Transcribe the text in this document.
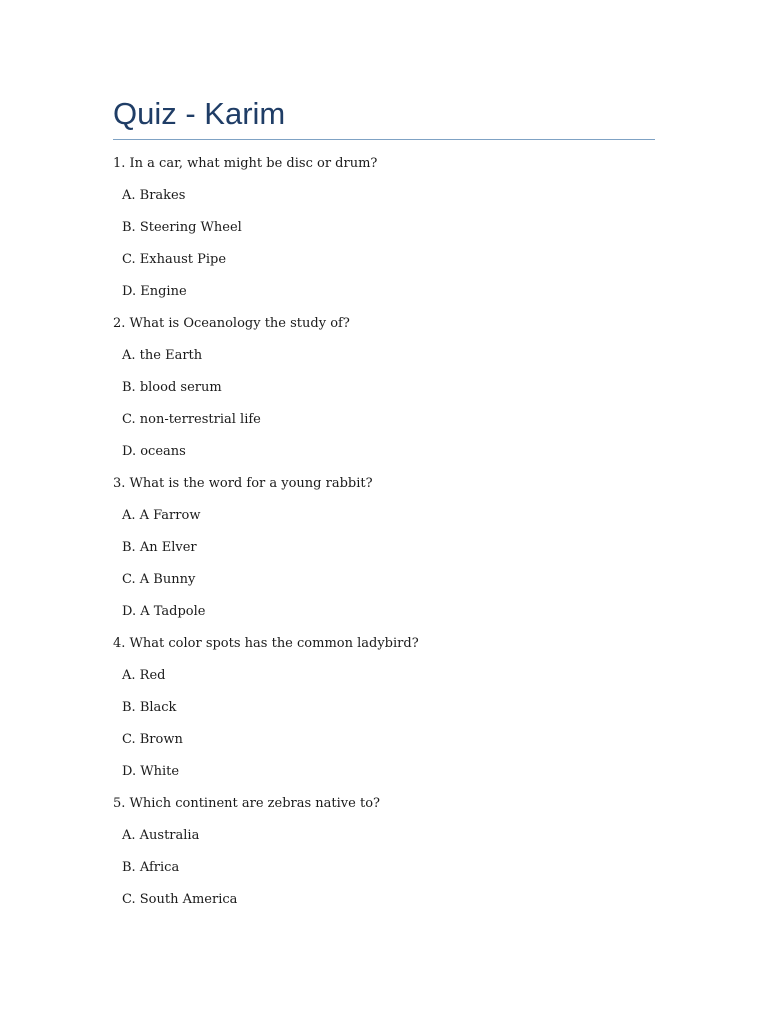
Quiz - Karim
1. In a car, what might be disc or drum?
A. Brakes
B. Steering Wheel
C. Exhaust Pipe
D. Engine
2. What is Oceanology the study of?
A. the Earth
B. blood serum
C. non-terrestrial life
D. oceans
3. What is the word for a young rabbit?
A. A Farrow
B. An Elver
C. A Bunny
D. A Tadpole
4. What color spots has the common ladybird?
A. Red
B. Black
C. Brown
D. White
5. Which continent are zebras native to?
A. Australia
B. Africa
C. South America
